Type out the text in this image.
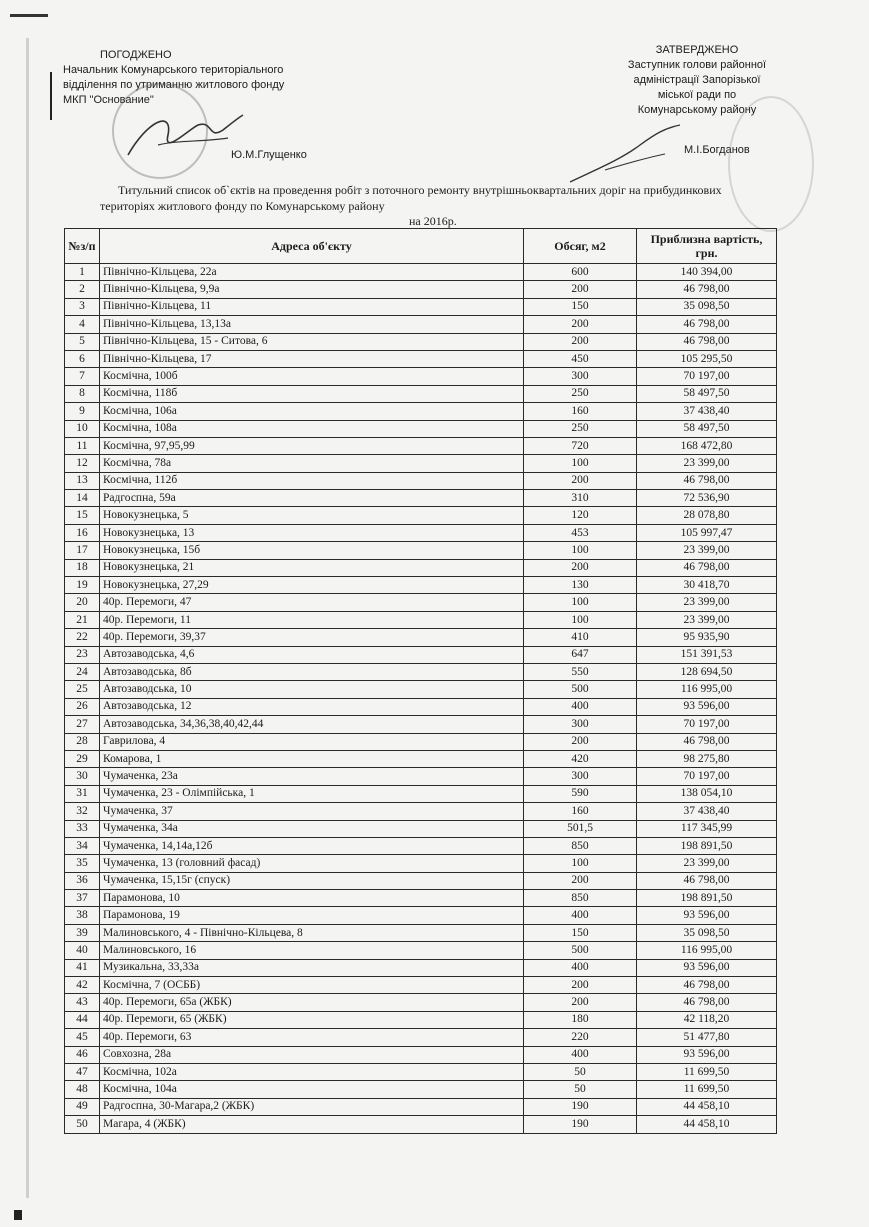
ПОГОДЖЕНО
Начальник Комунарського територіального
відділення по утриманню житлового фонду
МКП "Основание"
Ю.М.Глущенко
ЗАТВЕРДЖЕНО
Заступник голови районної
адміністрації Запорізької
міської ради по
Комунарському району
М.І.Богданов
Титульний список об`єктів на проведення робіт з поточного ремонту внутрішньоквартальних доріг на прибудинкових територіях житлового фонду по Комунарському району
на 2016р.
№з/п	Адреса об'єкту	Обсяг, м2	Приблизна вартість, грн.
1	Північно-Кільцева, 22а	600	140 394,00
2	Північно-Кільцева, 9,9а	200	46 798,00
3	Північно-Кільцева, 11	150	35 098,50
4	Північно-Кільцева, 13,13а	200	46 798,00
5	Північно-Кільцева, 15 - Ситова, 6	200	46 798,00
6	Північно-Кільцева, 17	450	105 295,50
7	Космічна, 100б	300	70 197,00
8	Космічна, 118б	250	58 497,50
9	Космічна, 106а	160	37 438,40
10	Космічна, 108а	250	58 497,50
11	Космічна, 97,95,99	720	168 472,80
12	Космічна, 78а	100	23 399,00
13	Космічна, 112б	200	46 798,00
14	Радгоспна, 59а	310	72 536,90
15	Новокузнецька, 5	120	28 078,80
16	Новокузнецька, 13	453	105 997,47
17	Новокузнецька, 15б	100	23 399,00
18	Новокузнецька, 21	200	46 798,00
19	Новокузнецька, 27,29	130	30 418,70
20	40р. Перемоги, 47	100	23 399,00
21	40р. Перемоги, 11	100	23 399,00
22	40р. Перемоги, 39,37	410	95 935,90
23	Автозаводська, 4,6	647	151 391,53
24	Автозаводська, 8б	550	128 694,50
25	Автозаводська, 10	500	116 995,00
26	Автозаводська, 12	400	93 596,00
27	Автозаводська, 34,36,38,40,42,44	300	70 197,00
28	Гаврилова, 4	200	46 798,00
29	Комарова, 1	420	98 275,80
30	Чумаченка, 23а	300	70 197,00
31	Чумаченка, 23 - Олімпійська, 1	590	138 054,10
32	Чумаченка, 37	160	37 438,40
33	Чумаченка, 34а	501,5	117 345,99
34	Чумаченка, 14,14а,12б	850	198 891,50
35	Чумаченка, 13 (головний фасад)	100	23 399,00
36	Чумаченка, 15,15г (спуск)	200	46 798,00
37	Парамонова, 10	850	198 891,50
38	Парамонова, 19	400	93 596,00
39	Малиновського, 4 - Північно-Кільцева, 8	150	35 098,50
40	Малиновського, 16	500	116 995,00
41	Музикальна, 33,33а	400	93 596,00
42	Космічна, 7 (ОСББ)	200	46 798,00
43	40р. Перемоги, 65а (ЖБК)	200	46 798,00
44	40р. Перемоги, 65 (ЖБК)	180	42 118,20
45	40р. Перемоги, 63	220	51 477,80
46	Совхозна, 28а	400	93 596,00
47	Космічна, 102а	50	11 699,50
48	Космічна, 104а	50	11 699,50
49	Радгоспна, 30-Магара,2 (ЖБК)	190	44 458,10
50	Магара, 4 (ЖБК)	190	44 458,10
